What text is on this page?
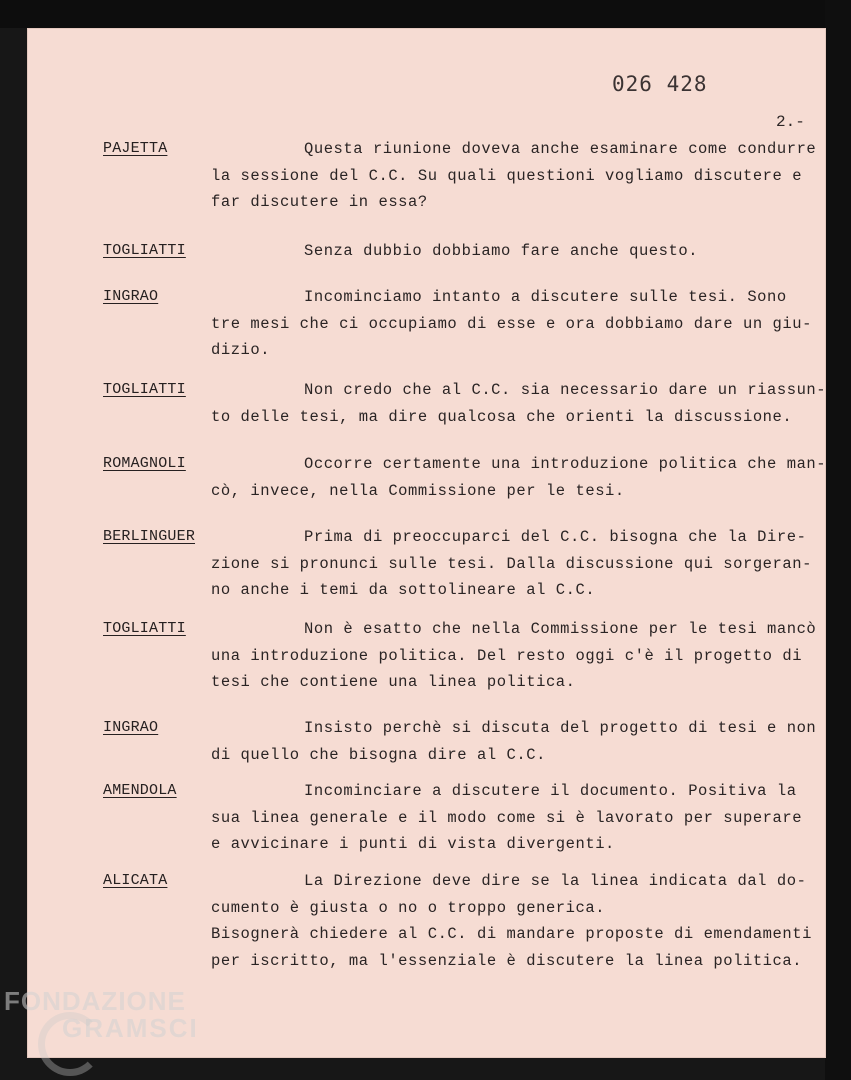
026 428
2.-
PAJETTA	Questa riunione doveva anche esaminare come condurre
la sessione del C.C. Su quali questioni vogliamo discutere e
far discutere in essa?
TOGLIATTI	Senza dubbio dobbiamo fare anche questo.
INGRAO	Incominciamo intanto a discutere sulle tesi. Sono
tre mesi che ci occupiamo di esse e ora dobbiamo dare un giu-
dizio.
TOGLIATTI	Non credo che al C.C. sia necessario dare un riassun-
to delle tesi, ma dire qualcosa che orienti la discussione.
ROMAGNOLI	Occorre certamente una introduzione politica che man-
cò, invece, nella Commissione per le tesi.
BERLINGUER	Prima di preoccuparci del C.C. bisogna che la Dire-
zione si pronunci sulle tesi. Dalla discussione qui sorgeran-
no anche i temi da sottolineare al C.C.
TOGLIATTI	Non è esatto che nella Commissione per le tesi mancò
una introduzione politica. Del resto oggi c'è il progetto di
tesi che contiene una linea politica.
INGRAO	Insisto perchè si discuta del progetto di tesi e non
di quello che bisogna dire al C.C.
AMENDOLA	Incominciare a discutere il documento. Positiva la
sua linea generale e il modo come si è lavorato per superare
e avvicinare i punti di vista divergenti.
ALICATA	La Direzione deve dire se la linea indicata dal do-
cumento è giusta o no o troppo generica.
Bisognerà chiedere al C.C. di mandare proposte di emendamenti
per iscritto, ma l'essenziale è discutere la linea politica.
FONDAZIONE
GRAMSCI
